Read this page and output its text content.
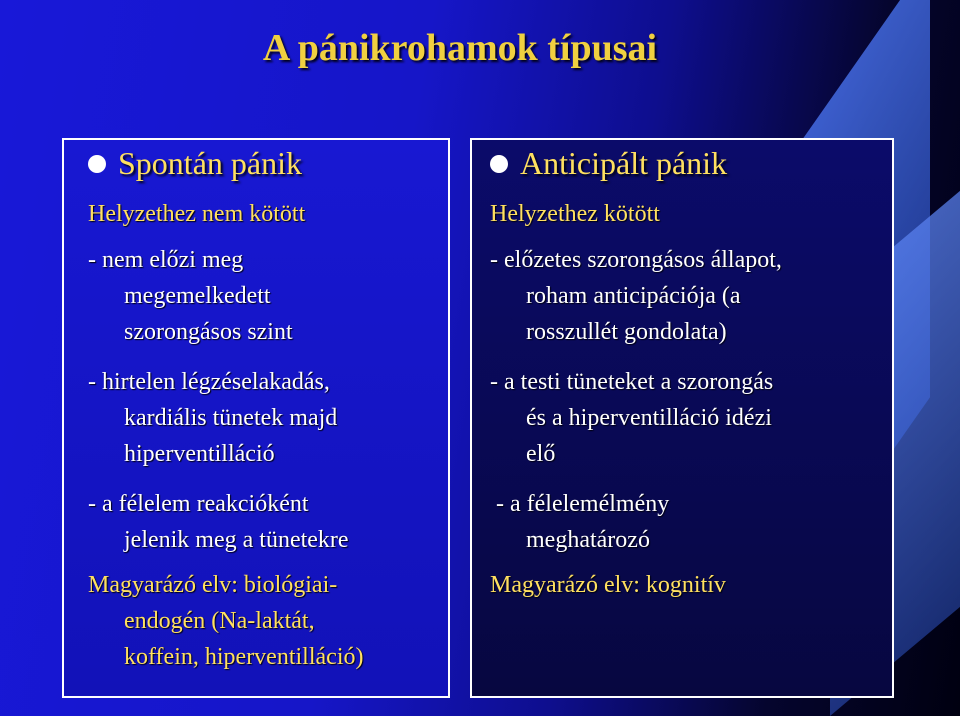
A pánikrohamok típusai
Spontán pánik
Helyzethez nem kötött
- nem előzi meg
megemelkedett
szorongásos szint
- hirtelen légzéselakadás,
kardiális tünetek majd
hiperventilláció
- a félelem reakcióként
jelenik meg a tünetekre
Magyarázó elv: biológiai-
endogén (Na-laktát,
koffein, hiperventilláció)
Anticipált pánik
Helyzethez kötött
- előzetes szorongásos állapot,
roham anticipációja (a
rosszullét gondolata)
- a testi tüneteket a szorongás
és a hiperventilláció idézi
elő
- a félelemélmény
meghatározó
Magyarázó elv: kognitív
